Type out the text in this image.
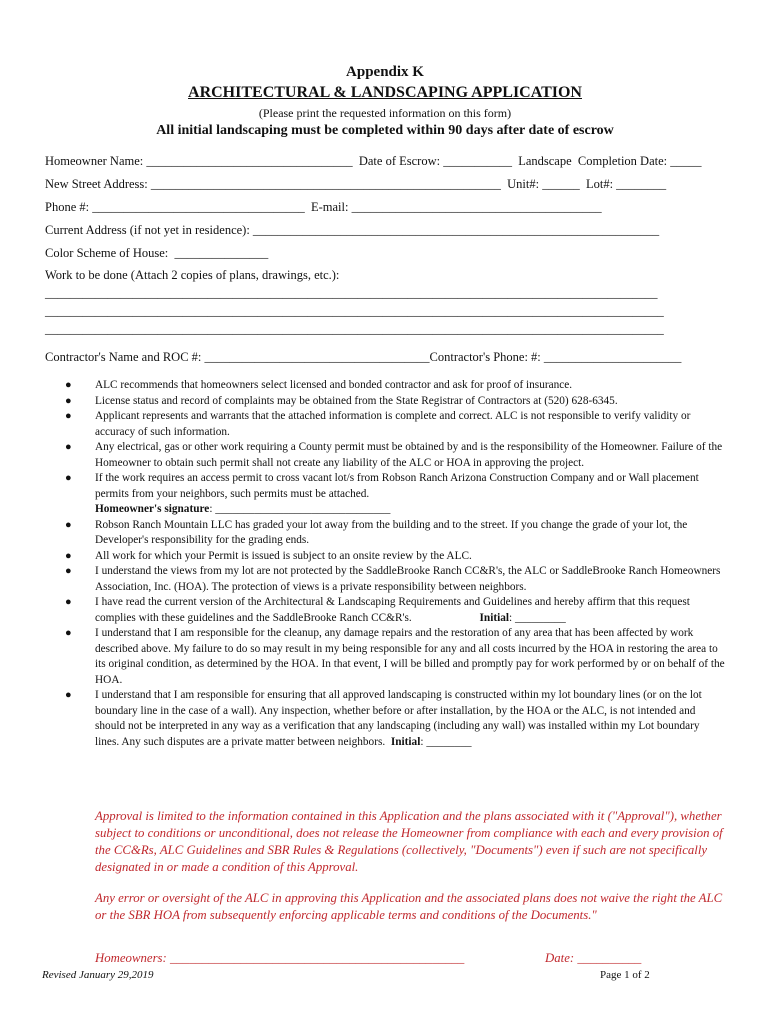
Appendix K
ARCHITECTURAL & LANDSCAPING APPLICATION
(Please print the requested information on this form)
All initial landscaping must be completed within 90 days after date of escrow
Homeowner Name: _________________________________  Date of Escrow: ___________  Landscape  Completion Date: _____
New Street Address: ________________________________________________________  Unit#: ______  Lot#: ________
Phone #: __________________________________  E-mail: ________________________________________
Current Address (if not yet in residence): _________________________________________________________________
Color Scheme of House:  _______________
Work to be done (Attach 2 copies of plans, drawings, etc.):
__________________________________________________________________________________________________
___________________________________________________________________________________________________
___________________________________________________________________________________________________
Contractor's Name and ROC #: ____________________________________Contractor's Phone: #: ______________________
● ALC recommends that homeowners select licensed and bonded contractor and ask for proof of insurance.
● License status and record of complaints may be obtained from the State Registrar of Contractors at (520) 628-6345.
● Applicant represents and warrants that the attached information is complete and correct. ALC is not responsible to verify validity or accuracy of such information.
● Any electrical, gas or other work requiring a County permit must be obtained by and is the responsibility of the Homeowner. Failure of the Homeowner to obtain such permit shall not create any liability of the ALC or HOA in approving the project.
● If the work requires an access permit to cross vacant lot/s from Robson Ranch Arizona Construction Company and or Wall placement permits from your neighbors, such permits must be attached.
Homeowner's signature: _______________________________
● Robson Ranch Mountain LLC has graded your lot away from the building and to the street. If you change the grade of your lot, the Developer's responsibility for the grading ends.
● All work for which your Permit is issued is subject to an onsite review by the ALC.
● I understand the views from my lot are not protected by the SaddleBrooke Ranch CC&R's, the ALC or SaddleBrooke Ranch Homeowners Association, Inc. (HOA). The protection of views is a private responsibility between neighbors.
● I have read the current version of the Architectural & Landscaping Requirements and Guidelines and hereby affirm that this request complies with these guidelines and the SaddleBrooke Ranch CC&R's.	Initial: _________
● I understand that I am responsible for the cleanup, any damage repairs and the restoration of any area that has been affected by work described above. My failure to do so may result in my being responsible for any and all costs incurred by the HOA in restoring the area to its original condition, as determined by the HOA. In that event, I will be billed and promptly pay for work performed by or on behalf of the HOA.
● I understand that I am responsible for ensuring that all approved landscaping is constructed within my lot boundary lines (or on the lot boundary line in the case of a wall). Any inspection, whether before or after installation, by the HOA or the ALC, is not intended and should not be interpreted in any way as a verification that any landscaping (including any wall) was installed within my Lot boundary lines. Any such disputes are a private matter between neighbors. Initial: ________
Approval is limited to the information contained in this Application and the plans associated with it ("Approval"), whether subject to conditions or unconditional, does not release the Homeowner from compliance with each and every provision of the CC&Rs, ALC Guidelines and SBR Rules & Regulations (collectively, "Documents") even if such are not specifically designated in or made a condition of this Approval.
Any error or oversight of the ALC in approving this Application and the associated plans does not waive the right the ALC or the SBR HOA from subsequently enforcing applicable terms and conditions of the Documents."
Homeowners: ______________________________________________	Date: __________
Revised January 29,2019	Page 1 of 2
